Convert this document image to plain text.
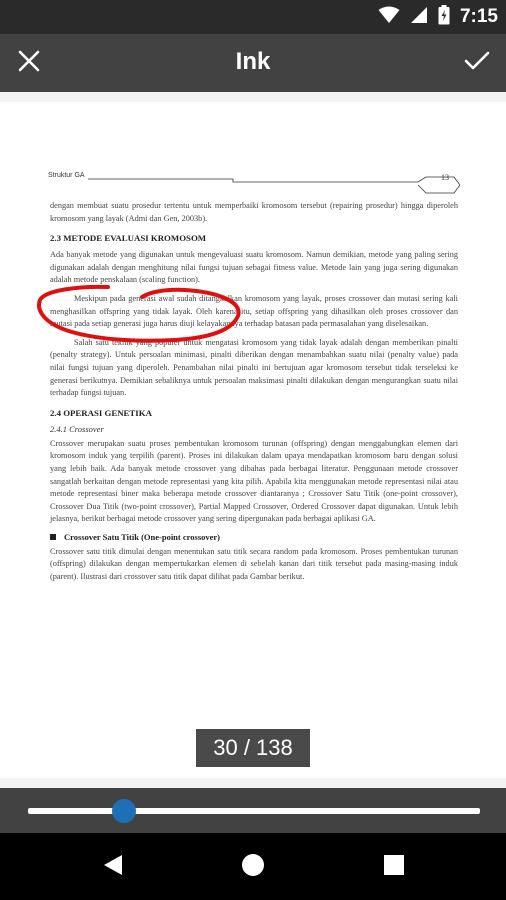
7:15
Ink
Struktur GA	13

dengan membuat suatu prosedur tertentu untuk memperbaiki kromosom tersebut (repairing prosedur) hingga diperoleh kromosom yang layak (Admi dan Gen, 2003b).

2.3 METODE EVALUASI KROMOSOM

Ada banyak metode yang digunakan untuk mengevaluasi suatu kromosom. Namun demikian, metode yang paling sering digunakan adalah dengan menghitung nilai fungsi tujuan sebagai fitness value. Metode lain yang juga sering digunakan adalah metode penskalaan (scaling function).

Meskipun pada generasi awal sudah ditangkalkan kromosom yang layak, proses crossover dan mutasi sering kali menghasilkan offspring yang tidak layak. Oleh karena itu, setiap offspring yang dihasilkan oleh proses crossover dan mutasi pada setiap generasi juga harus diuji kelayakannya terhadap batasan pada permasalahan yang diselesaikan.

Salah satu teknik yang populer untuk mengatasi kromosom yang tidak layak adalah dengan memberikan pinalti (penalty strategy). Untuk persoalan minimasi, pinalti diberikan dengan menambahkan suatu nilai (penalty value) pada nilai fungsi tujuan yang diperoleh. Penambahan nilai pinalti ini bertujuan agar kromosom tersebut tidak terseleksi ke generasi berikutnya. Demikian sebaliknya untuk persoalan maksimasi pinalti dilakukan dengan mengurangkan suatu nilai terhadap fungsi tujuan.

2.4 OPERASI GENETIKA

2.4.1 Crossover

Crossover merupakan suatu proses pembentukan kromosom turunan (offspring) dengan menggabungkan elemen dari kromosom induk yang terpilih (parent). Proses ini dilakukan dalam upaya mendapatkan kromosom baru dengan solusi yang lebih baik. Ada banyak metode crossover yang dibahas pada berbagai literatur. Penggunaan metode crossover sangatlah berkaitan dengan metode representasi yang kita pilih. Apabila kita menggunakan metode representasi nilai atau metode representasi biner maka beberapa metode crossover diantaranya ; Crossover Satu Titik (one-point crossover), Crossover Dua Titik (two-point crossover), Partial Mapped Crossover, Ordered Crossover dapat digunakan. Untuk lebih jelasnya, berikut berbagai metode crossover yang sering dipergunakan pada berbagai aplikasi GA.

Crossover Satu Titik (One-point crossover)

Crossover satu titik dimulai dengan menentukan satu titik secara random pada kromosom. Proses pembentukan turunan (offspring) dilakukan dengan mempertukarkan elemen di sebelah kanan dari titik tersebut pada masing-masing induk (parent). Ilustrasi dari crossover satu titik dapat dilihat pada Gambar berikut.

30 / 138
